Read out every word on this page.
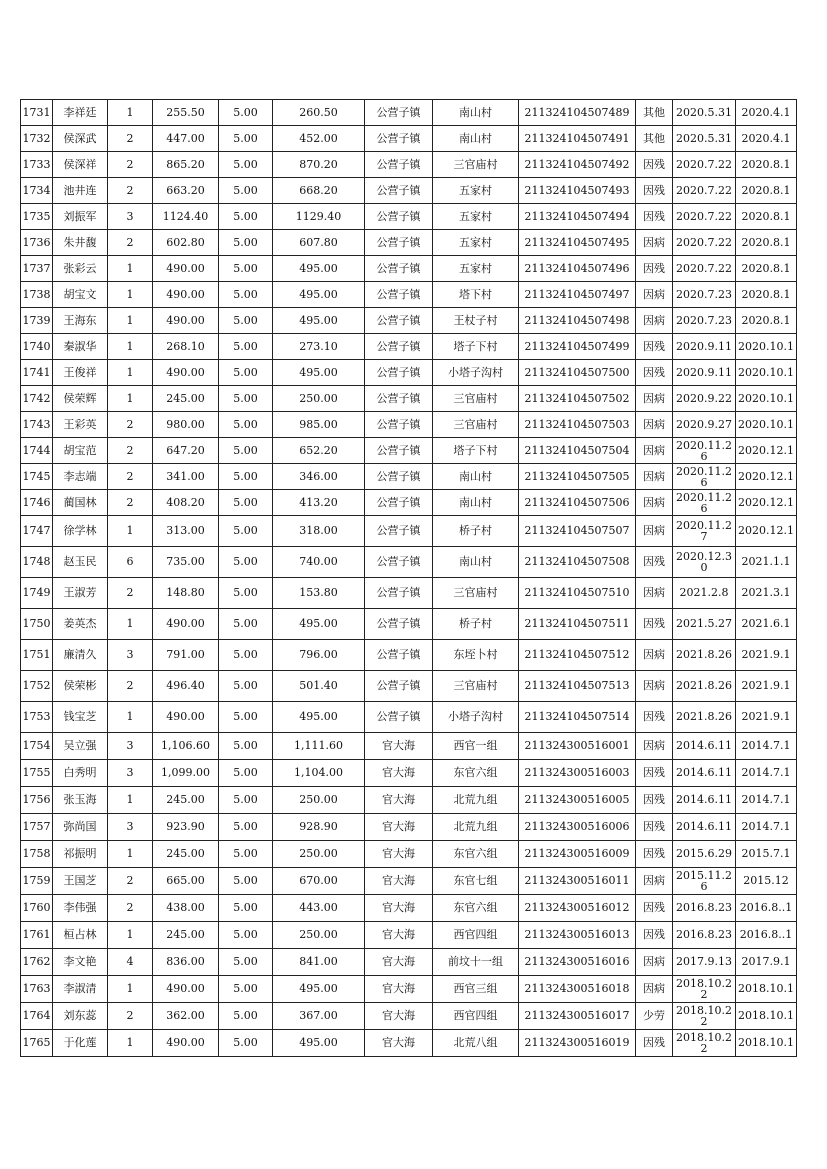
1731	李祥廷	1	255.50	5.00	260.50	公营子镇	南山村	211324104507489	其他	2020.5.31	2020.4.1
1732	侯深武	2	447.00	5.00	452.00	公营子镇	南山村	211324104507491	其他	2020.5.31	2020.4.1
1733	侯深祥	2	865.20	5.00	870.20	公营子镇	三官庙村	211324104507492	因残	2020.7.22	2020.8.1
1734	池井连	2	663.20	5.00	668.20	公营子镇	五家村	211324104507493	因残	2020.7.22	2020.8.1
1735	刘振军	3	1124.40	5.00	1129.40	公营子镇	五家村	211324104507494	因残	2020.7.22	2020.8.1
1736	朱井馥	2	602.80	5.00	607.80	公营子镇	五家村	211324104507495	因病	2020.7.22	2020.8.1
1737	张彩云	1	490.00	5.00	495.00	公营子镇	五家村	211324104507496	因残	2020.7.22	2020.8.1
1738	胡宝文	1	490.00	5.00	495.00	公营子镇	塔下村	211324104507497	因病	2020.7.23	2020.8.1
1739	王海东	1	490.00	5.00	495.00	公营子镇	王杖子村	211324104507498	因病	2020.7.23	2020.8.1
1740	秦淑华	1	268.10	5.00	273.10	公营子镇	塔子下村	211324104507499	因残	2020.9.11	2020.10.1
1741	王俊祥	1	490.00	5.00	495.00	公营子镇	小塔子沟村	211324104507500	因残	2020.9.11	2020.10.1
1742	侯荣辉	1	245.00	5.00	250.00	公营子镇	三官庙村	211324104507502	因病	2020.9.22	2020.10.1
1743	王彩英	2	980.00	5.00	985.00	公营子镇	三官庙村	211324104507503	因病	2020.9.27	2020.10.1
1744	胡宝范	2	647.20	5.00	652.20	公营子镇	塔子下村	211324104507504	因病	2020.11.26	2020.12.1
1745	李志端	2	341.00	5.00	346.00	公营子镇	南山村	211324104507505	因病	2020.11.26	2020.12.1
1746	蔺国林	2	408.20	5.00	413.20	公营子镇	南山村	211324104507506	因病	2020.11.26	2020.12.1
1747	徐学林	1	313.00	5.00	318.00	公营子镇	桥子村	211324104507507	因病	2020.11.27	2020.12.1
1748	赵玉民	6	735.00	5.00	740.00	公营子镇	南山村	211324104507508	因残	2020.12.30	2021.1.1
1749	王淑芳	2	148.80	5.00	153.80	公营子镇	三官庙村	211324104507510	因病	2021.2.8	2021.3.1
1750	姜英杰	1	490.00	5.00	495.00	公营子镇	桥子村	211324104507511	因残	2021.5.27	2021.6.1
1751	廉清久	3	791.00	5.00	796.00	公营子镇	东垤卜村	211324104507512	因病	2021.8.26	2021.9.1
1752	侯荣彬	2	496.40	5.00	501.40	公营子镇	三官庙村	211324104507513	因病	2021.8.26	2021.9.1
1753	钱宝芝	1	490.00	5.00	495.00	公营子镇	小塔子沟村	211324104507514	因残	2021.8.26	2021.9.1
1754	吴立强	3	1,106.60	5.00	1,111.60	官大海	西官一组	211324300516001	因病	2014.6.11	2014.7.1
1755	白秀明	3	1,099.00	5.00	1,104.00	官大海	东官六组	211324300516003	因残	2014.6.11	2014.7.1
1756	张玉海	1	245.00	5.00	250.00	官大海	北荒九组	211324300516005	因残	2014.6.11	2014.7.1
1757	弥尚国	3	923.90	5.00	928.90	官大海	北荒九组	211324300516006	因残	2014.6.11	2014.7.1
1758	祁振明	1	245.00	5.00	250.00	官大海	东官六组	211324300516009	因残	2015.6.29	2015.7.1
1759	王国芝	2	665.00	5.00	670.00	官大海	东官七组	211324300516011	因病	2015.11.26	2015.12
1760	李伟强	2	438.00	5.00	443.00	官大海	东官六组	211324300516012	因残	2016.8.23	2016.8..1
1761	桓占林	1	245.00	5.00	250.00	官大海	西官四组	211324300516013	因残	2016.8.23	2016.8..1
1762	李文艳	4	836.00	5.00	841.00	官大海	前坟十一组	211324300516016	因病	2017.9.13	2017.9.1
1763	李淑清	1	490.00	5.00	495.00	官大海	西官三组	211324300516018	因病	2018.10.22	2018.10.1
1764	刘东蕊	2	362.00	5.00	367.00	官大海	西官四组	211324300516017	少劳	2018.10.22	2018.10.1
1765	于化莲	1	490.00	5.00	495.00	官大海	北荒八组	211324300516019	因残	2018.10.22	2018.10.1
